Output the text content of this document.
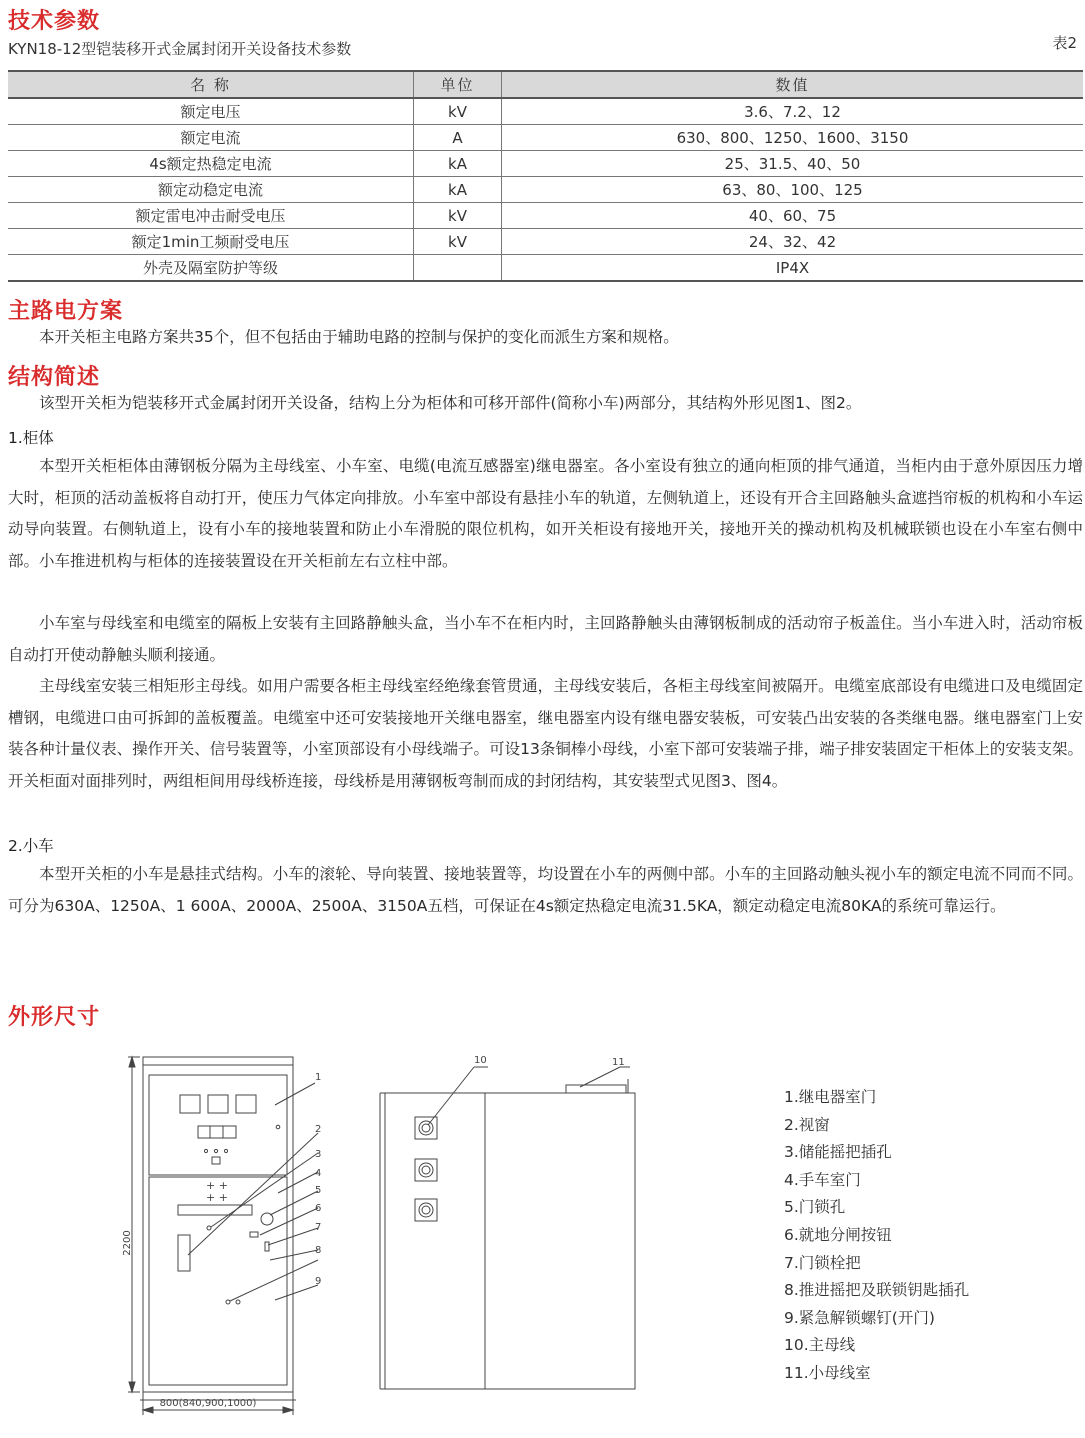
技术参数
KYN18-12型铠装移开式金属封闭开关设备技术参数	表2
名 称	单位	数值
额定电压	kV	3.6、7.2、12
额定电流	A	630、800、1250、1600、3150
4s额定热稳定电流	kA	25、31.5、40、50
额定动稳定电流	kA	63、80、100、125
额定雷电冲击耐受电压	kV	40、60、75
额定1min工频耐受电压	kV	24、32、42
外壳及隔室防护等级		IP4X
主路电方案
本开关柜主电路方案共35个，但不包括由于辅助电路的控制与保护的变化而派生方案和规格。
结构简述
该型开关柜为铠装移开式金属封闭开关设备，结构上分为柜体和可移开部件(简称小车)两部分，其结构外形见图1、图2。
1.柜体
本型开关柜柜体由薄钢板分隔为主母线室、小车室、电缆(电流互感器室)继电器室。各小室设有独立的通向柜顶的排气通道，当柜内由于意外原因压力增大时，柜顶的活动盖板将自动打开，使压力气体定向排放。小车室中部设有悬挂小车的轨道，左侧轨道上，还设有开合主回路触头盒遮挡帘板的机构和小车运动导向装置。右侧轨道上，设有小车的接地装置和防止小车滑脱的限位机构，如开关柜设有接地开关，接地开关的操动机构及机械联锁也设在小车室右侧中部。小车推进机构与柜体的连接装置设在开关柜前左右立柱中部。
小车室与母线室和电缆室的隔板上安装有主回路静触头盒，当小车不在柜内时，主回路静触头由薄钢板制成的活动帘子板盖住。当小车进入时，活动帘板自动打开使动静触头顺利接通。
主母线室安装三相矩形主母线。如用户需要各柜主母线室经绝缘套管贯通，主母线安装后，各柜主母线室间被隔开。电缆室底部设有电缆进口及电缆固定槽钢，电缆进口由可拆卸的盖板覆盖。电缆室中还可安装接地开关继电器室，继电器室内设有继电器安装板，可安装凸出安装的各类继电器。继电器室门上安装各种计量仪表、操作开关、信号装置等，小室顶部设有小母线端子。可设13条铜棒小母线，小室下部可安装端子排，端子排安装固定干柜体上的安装支架。开关柜面对面排列时，两组柜间用母线桥连接，母线桥是用薄钢板弯制而成的封闭结构，其安装型式见图3、图4。
2.小车
本型开关柜的小车是悬挂式结构。小车的滚轮、导向装置、接地装置等，均设置在小车的两侧中部。小车的主回路动触头视小车的额定电流不同而不同。可分为630A、1250A、1 600A、2000A、2500A、3150A五档，可保证在4s额定热稳定电流31.5KA，额定动稳定电流80KA的系统可靠运行。
外形尺寸
+ +
+ +
2200
800(840,900,1000)
1
2
3
4
5
6
7
8
9
10	11
1.继电器室门
2.视窗
3.储能摇把插孔
4.手车室门
5.门锁孔
6.就地分闸按钮
7.门锁栓把
8.推进摇把及联锁钥匙插孔
9.紧急解锁螺钉(开门)
10.主母线
11.小母线室
